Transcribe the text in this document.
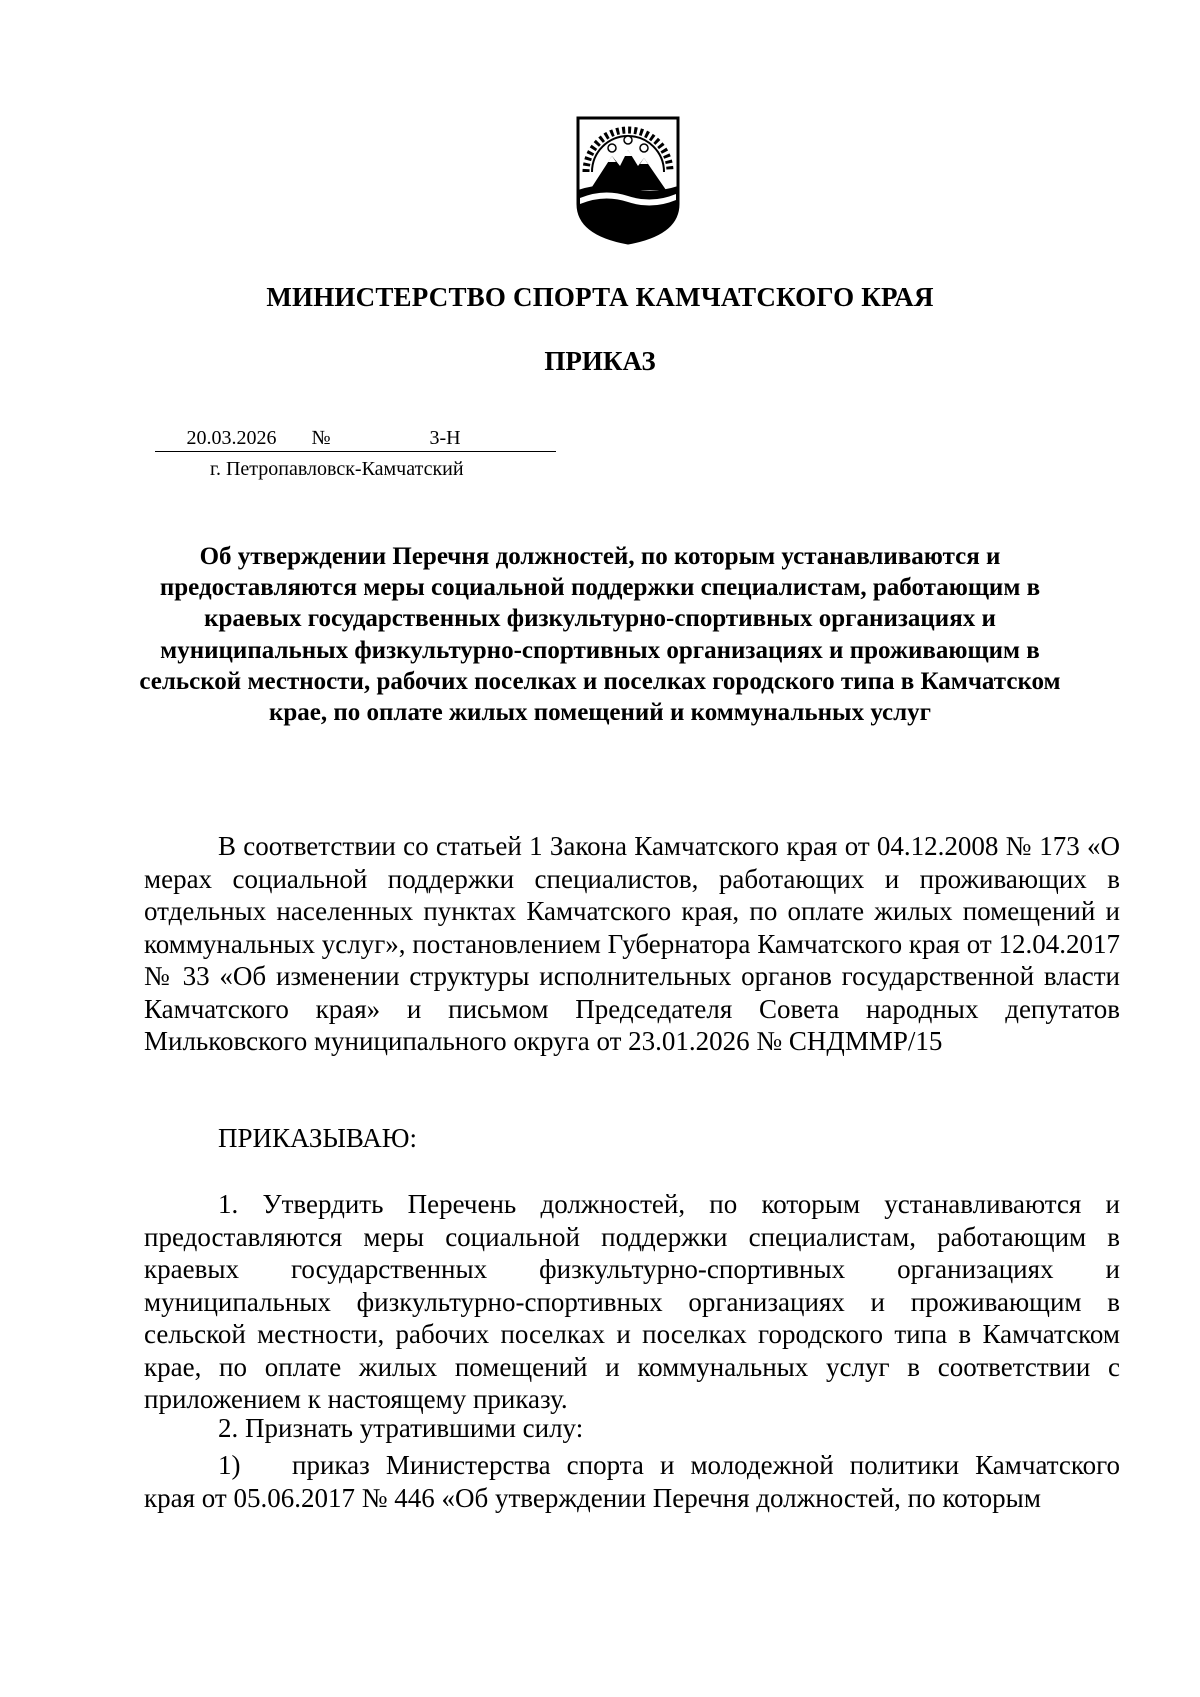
МИНИСТЕРСТВО СПОРТА КАМЧАТСКОГО КРАЯ
ПРИКАЗ
20.03.2026	№	3-Н
г. Петропавловск-Камчатский
Об утверждении Перечня должностей, по которым устанавливаются и предоставляются меры социальной поддержки специалистам, работающим в краевых государственных физкультурно-спортивных организациях и муниципальных физкультурно-спортивных организациях и проживающим в сельской местности, рабочих поселках и поселках городского типа в Камчатском крае, по оплате жилых помещений и коммунальных услуг
В соответствии со статьей 1 Закона Камчатского края от 04.12.2008 № 173 «О мерах социальной поддержки специалистов, работающих и проживающих в отдельных населенных пунктах Камчатского края, по оплате жилых помещений и коммунальных услуг», постановлением Губернатора Камчатского края от 12.04.2017 № 33 «Об изменении структуры исполнительных органов государственной власти Камчатского края» и письмом Председателя Совета народных депутатов Мильковского муниципального округа от 23.01.2026 № СНДММР/15
ПРИКАЗЫВАЮ:
1. Утвердить Перечень должностей, по которым устанавливаются и предоставляются меры социальной поддержки специалистам, работающим в краевых государственных физкультурно-спортивных организациях и муниципальных физкультурно-спортивных организациях и проживающим в сельской местности, рабочих поселках и поселках городского типа в Камчатском крае, по оплате жилых помещений и коммунальных услуг в соответствии с приложением к настоящему приказу.
2. Признать утратившими силу:
1) приказ Министерства спорта и молодежной политики Камчатского края от 05.06.2017 № 446 «Об утверждении Перечня должностей, по которым
